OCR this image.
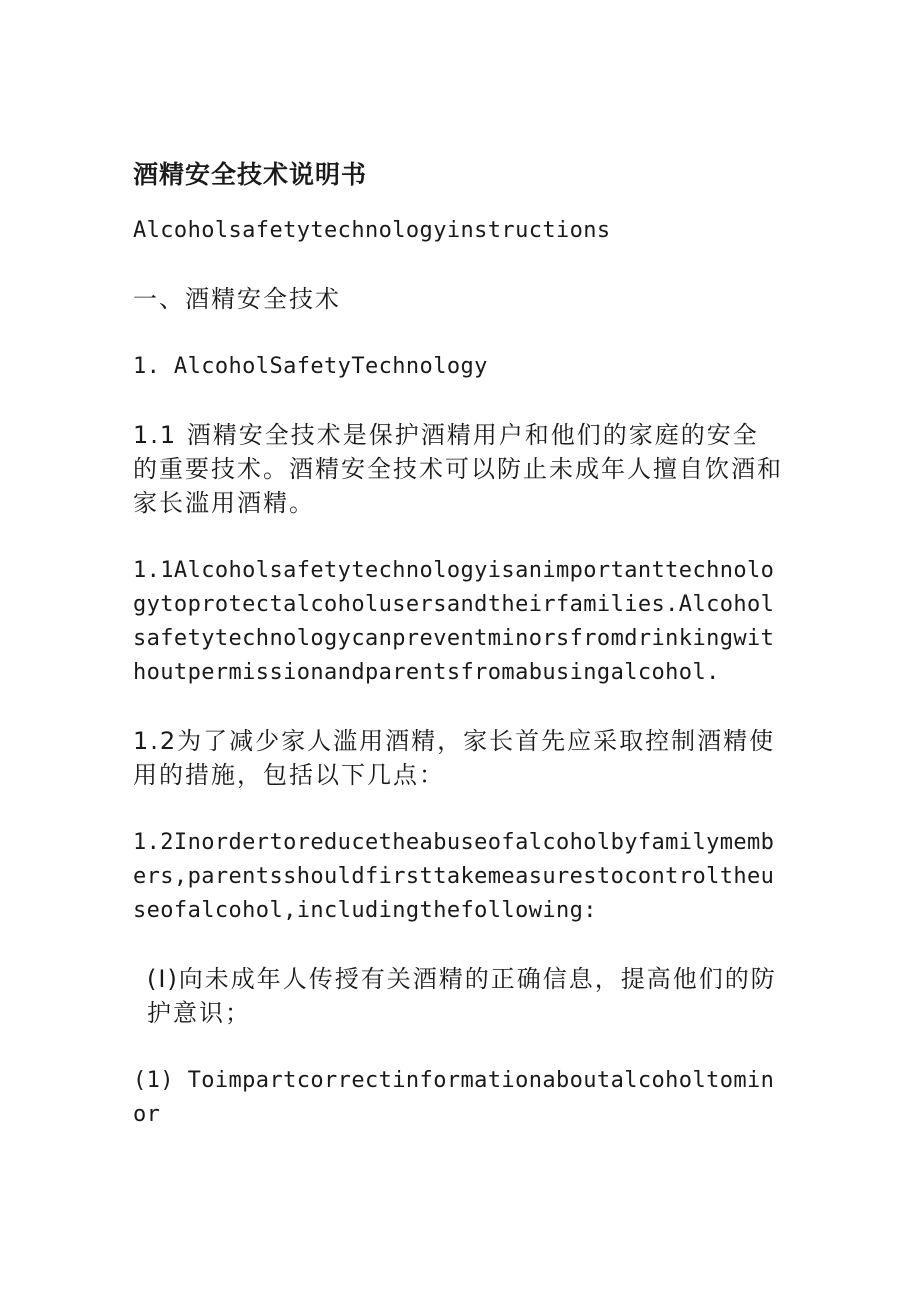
酒精安全技术说明书
Alcoholsafetytechnologyinstructions
一、酒精安全技术
1. AlcoholSafetyTechnology
1.1 酒精安全技术是保护酒精用户和他们的家庭的安全的重要技术。酒精安全技术可以防止未成年人擅自饮酒和家长滥用酒精。
1.1Alcoholsafetytechnologyisanimportanttechnologytoprotectalcoholusersandtheirfamilies.Alcoholsafetytechnologycanpreventminorsfromdrinkingwithoutpermissionandparentsfromabusingalcohol.
1.2为了减少家人滥用酒精，家长首先应采取控制酒精使用的措施，包括以下几点：
1.2Inordertoreducetheabuseofalcoholbyfamilymembers,parentsshouldfirsttakemeasurestocontroltheuseofalcohol,includingthefollowing:
(I)向未成年人传授有关酒精的正确信息，提高他们的防护意识；
(1) Toimpartcorrectinformationaboutalcoholtominor
